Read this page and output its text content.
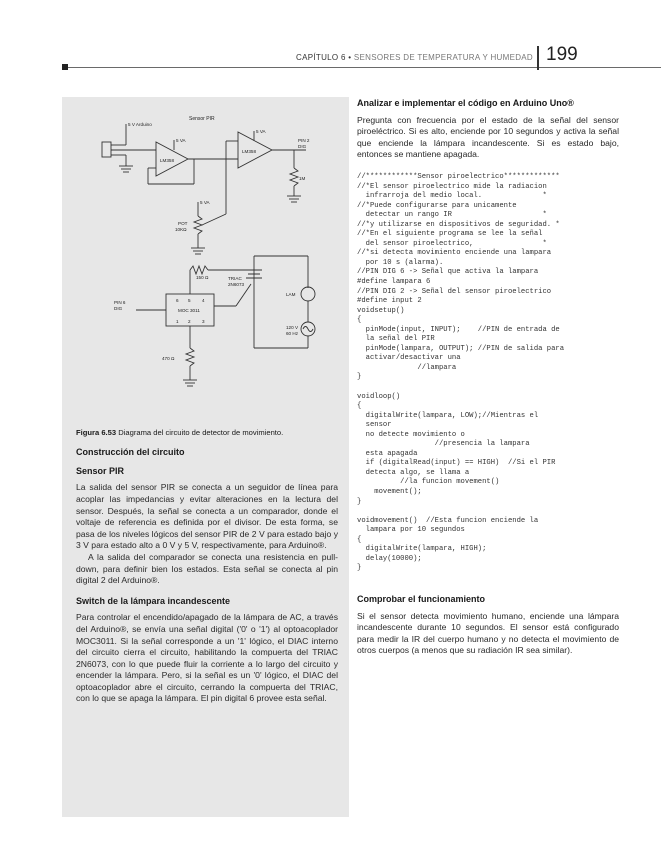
CAPÍTULO 6 • SENSORES DE TEMPERATURA Y HUMEDAD 199
5 V Arduino
Sensor PIR
5 VA
LM358
5 VA
LM358
PIN 2
DIG
1M
5 VA
POT
10KΩ
150 Ω	TRIAC
2N6073
LAM
120 V
60 Hz
PIN 6
DIG
6 5 4
MOC 3011
1 2 3
470 Ω

Figura 6.53 Diagrama del circuito de detector de movimiento.

Construcción del circuito

Sensor PIR

La salida del sensor PIR se conecta a un seguidor de línea para acoplar las impedancias y evitar alteraciones en la lectura del sensor. Después, la señal se conecta a un comparador, donde el voltaje de referencia es definida por el divisor. De esta forma, se pasa de los niveles lógicos del sensor PIR de 2 V para estado bajo y 3 V para estado alto a 0 V y 5 V, respectivamente, para Arduino®.

A la salida del comparador se conecta una resistencia en pull-down, para definir bien los estados. Esta señal se conecta al pin digital 2 del Arduino®.

Switch de la lámpara incandescente

Para controlar el encendido/apagado de la lámpara de AC, a través del Arduino®, se envía una señal digital ('0' o '1') al optoacoplador MOC3011. Si la señal corresponde a un '1' lógico, el DIAC interno del circuito cierra el circuito, habilitando la compuerta del TRIAC 2N6073, con lo que puede fluir la corriente a lo largo del circuito y encender la lámpara. Pero, si la señal es un '0' lógico, el DIAC del optoacoplador abre el circuito, cerrando la compuerta del TRIAC, con lo que se apaga la lámpara. El pin digital 6 provee esta señal.

Analizar e implementar el código en Arduino Uno®

Pregunta con frecuencia por el estado de la señal del sensor piroeléctrico. Si es alto, enciende por 10 segundos y activa la señal que enciende la lámpara incandescente. Si es estado bajo, entonces se mantiene apagada.

//************Sensor piroelectrico*************
//*El sensor piroelectrico mide la radiacion
infrarroja del medio local.              *
//*Puede configurarse para unicamente
detectar un rango IR                     *
//*y utilizarse en dispositivos de seguridad. *
//*En el siguiente programa se lee la señal
del sensor piroelectrico,                *
//*si detecta movimiento enciende una lampara
por 10 s (alarma).
//PIN DIG 6 -> Señal que activa la lampara
#define lampara 6
//PIN DIG 2 -> Señal del sensor piroelectrico
#define input 2
voidsetup()
{
pinMode(input, INPUT);    //PIN de entrada de
la señal del PIR
pinMode(lampara, OUTPUT); //PIN de salida para
activar/desactivar una
//lampara
}

voidloop()
{
digitalWrite(lampara, LOW);//Mientras el
sensor
no detecte movimiento o
//presencia la lampara
esta apagada
if (digitalRead(input) == HIGH)  //Si el PIR
detecta algo, se llama a
//la funcion movement()
movement();
}

voidmovement()  //Esta funcion enciende la
lampara por 10 segundos
{
digitalWrite(lampara, HIGH);
delay(10000);
}

Comprobar el funcionamiento

Si el sensor detecta movimiento humano, enciende una lámpara incandescente durante 10 segundos. El sensor está configurado para medir la IR del cuerpo humano y no detecta el movimiento de otros cuerpos (a menos que su radiación IR sea similar).
